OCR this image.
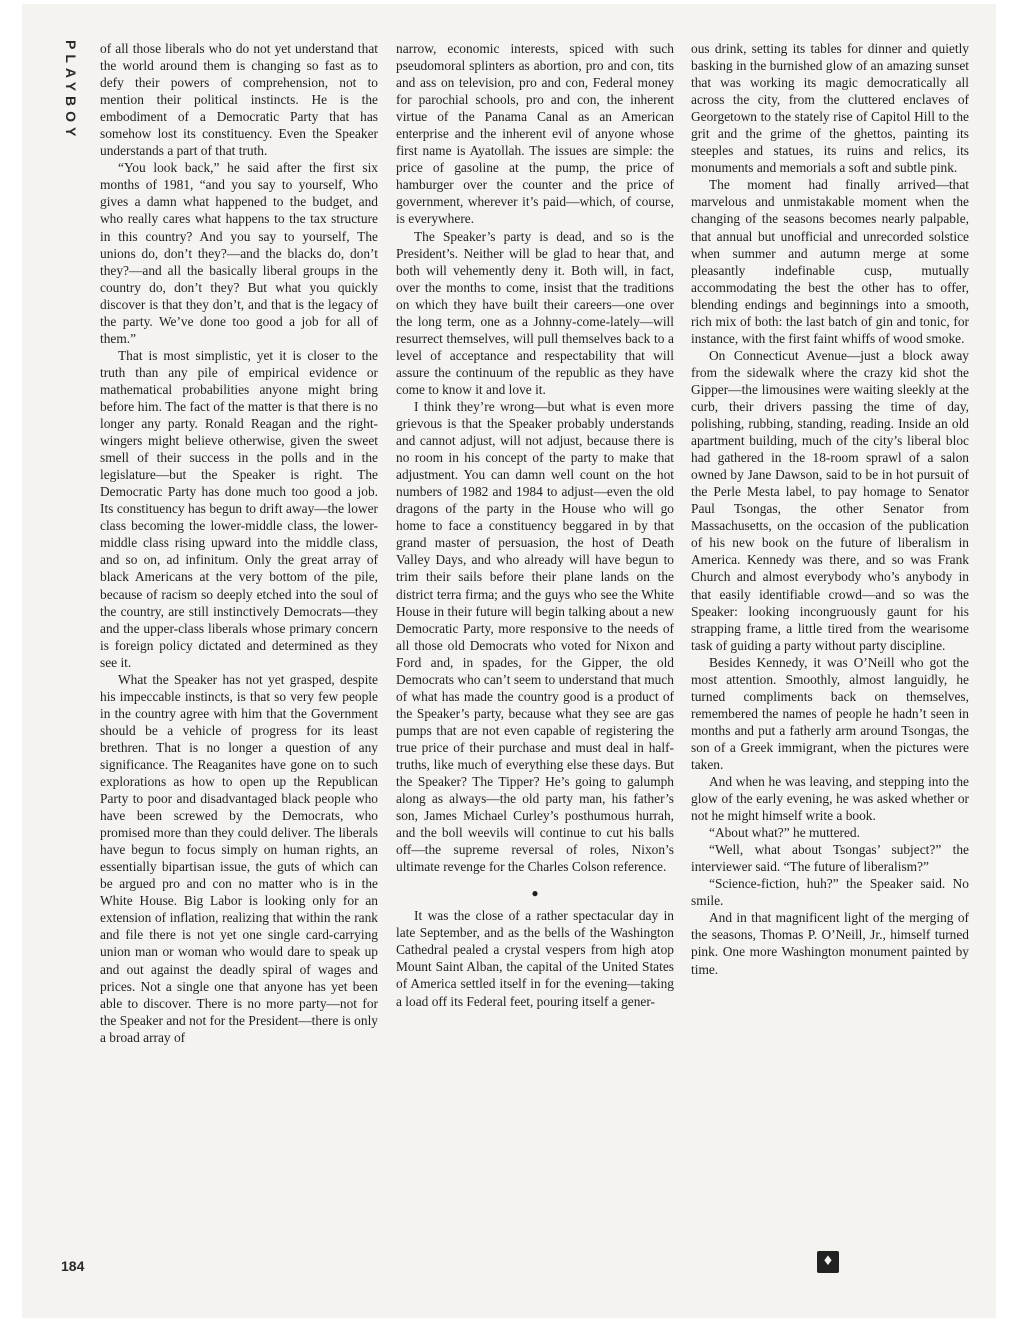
PLAYBOY of all those liberals who do not yet understand that the world around them is changing so fast as to defy their powers of comprehension, not to mention their political instincts. He is the embodiment of a Democratic Party that has somehow lost its constituency. Even the Speaker understands a part of that truth.

“You look back,” he said after the first six months of 1981, “and you say to yourself, Who gives a damn what happened to the budget, and who really cares what happens to the tax structure in this country? And you say to yourself, The unions do, don’t they?—and the blacks do, don’t they?—and all the basically liberal groups in the country do, don’t they? But what you quickly discover is that they don’t, and that is the legacy of the party. We’ve done too good a job for all of them.”

That is most simplistic, yet it is closer to the truth than any pile of empirical evidence or mathematical probabilities anyone might bring before him. The fact of the matter is that there is no longer any party. Ronald Reagan and the right-wingers might believe otherwise, given the sweet smell of their success in the polls and in the legislature—but the Speaker is right. The Democratic Party has done much too good a job. Its constituency has begun to drift away—the lower class becoming the lower-middle class, the lower-middle class rising upward into the middle class, and so on, ad infinitum. Only the great array of black Americans at the very bottom of the pile, because of racism so deeply etched into the soul of the country, are still instinctively Democrats—they and the upper-class liberals whose primary concern is foreign policy dictated and determined as they see it.

What the Speaker has not yet grasped, despite his impeccable instincts, is that so very few people in the country agree with him that the Government should be a vehicle of progress for its least brethren. That is no longer a question of any significance. The Reaganites have gone on to such explorations as how to open up the Republican Party to poor and disadvantaged black people who have been screwed by the Democrats, who promised more than they could deliver. The liberals have begun to focus simply on human rights, an essentially bipartisan issue, the guts of which can be argued pro and con no matter who is in the White House. Big Labor is looking only for an extension of inflation, realizing that within the rank and file there is not yet one single card-carrying union man or woman who would dare to speak up and out against the deadly spiral of wages and prices. Not a single one that anyone has yet been able to discover. There is no more party—not for the Speaker and not for the President—there is only a broad array of

narrow, economic interests, spiced with such pseudomoral splinters as abortion, pro and con, tits and ass on television, pro and con, Federal money for parochial schools, pro and con, the inherent virtue of the Panama Canal as an American enterprise and the inherent evil of anyone whose first name is Ayatollah. The issues are simple: the price of gasoline at the pump, the price of hamburger over the counter and the price of government, wherever it’s paid—which, of course, is everywhere.

The Speaker’s party is dead, and so is the President’s. Neither will be glad to hear that, and both will vehemently deny it. Both will, in fact, over the months to come, insist that the traditions on which they have built their careers—one over the long term, one as a Johnny-come-lately—will resurrect themselves, will pull themselves back to a level of acceptance and respectability that will assure the continuum of the republic as they have come to know it and love it.

I think they’re wrong—but what is even more grievous is that the Speaker probably understands and cannot adjust, will not adjust, because there is no room in his concept of the party to make that adjustment. You can damn well count on the hot numbers of 1982 and 1984 to adjust—even the old dragons of the party in the House who will go home to face a constituency beggared in by that grand master of persuasion, the host of Death Valley Days, and who already will have begun to trim their sails before their plane lands on the district terra firma; and the guys who see the White House in their future will begin talking about a new Democratic Party, more responsive to the needs of all those old Democrats who voted for Nixon and Ford and, in spades, for the Gipper, the old Democrats who can’t seem to understand that much of what has made the country good is a product of the Speaker’s party, because what they see are gas pumps that are not even capable of registering the true price of their purchase and must deal in half-truths, like much of everything else these days. But the Speaker? The Tipper? He’s going to galumph along as always—the old party man, his father’s son, James Michael Curley’s posthumous hurrah, and the boll weevils will continue to cut his balls off—the supreme reversal of roles, Nixon’s ultimate revenge for the Charles Colson reference.

●

It was the close of a rather spectacular day in late September, and as the bells of the Washington Cathedral pealed a crystal vespers from high atop Mount Saint Alban, the capital of the United States of America settled itself in for the evening—taking a load off its Federal feet, pouring itself a gener-

ous drink, setting its tables for dinner and quietly basking in the burnished glow of an amazing sunset that was working its magic democratically all across the city, from the cluttered enclaves of Georgetown to the stately rise of Capitol Hill to the grit and the grime of the ghettos, painting its steeples and statues, its ruins and relics, its monuments and memorials a soft and subtle pink.

The moment had finally arrived—that marvelous and unmistakable moment when the changing of the seasons becomes nearly palpable, that annual but unofficial and unrecorded solstice when summer and autumn merge at some pleasantly indefinable cusp, mutually accommodating the best the other has to offer, blending endings and beginnings into a smooth, rich mix of both: the last batch of gin and tonic, for instance, with the first faint whiffs of wood smoke.

On Connecticut Avenue—just a block away from the sidewalk where the crazy kid shot the Gipper—the limousines were waiting sleekly at the curb, their drivers passing the time of day, polishing, rubbing, standing, reading. Inside an old apartment building, much of the city’s liberal bloc had gathered in the 18-room sprawl of a salon owned by Jane Dawson, said to be in hot pursuit of the Perle Mesta label, to pay homage to Senator Paul Tsongas, the other Senator from Massachusetts, on the occasion of the publication of his new book on the future of liberalism in America. Kennedy was there, and so was Frank Church and almost everybody who’s anybody in that easily identifiable crowd—and so was the Speaker: looking incongruously gaunt for his strapping frame, a little tired from the wearisome task of guiding a party without party discipline.

Besides Kennedy, it was O’Neill who got the most attention. Smoothly, almost languidly, he turned compliments back on themselves, remembered the names of people he hadn’t seen in months and put a fatherly arm around Tsongas, the son of a Greek immigrant, when the pictures were taken.

And when he was leaving, and stepping into the glow of the early evening, he was asked whether or not he might himself write a book.

“About what?” he muttered.

“Well, what about Tsongas’ subject?” the interviewer said. “The future of liberalism?”

“Science-fiction, huh?” the Speaker said. No smile.

And in that magnificent light of the merging of the seasons, Thomas P. O’Neill, Jr., himself turned pink. One more Washington monument painted by time.

184	♦
